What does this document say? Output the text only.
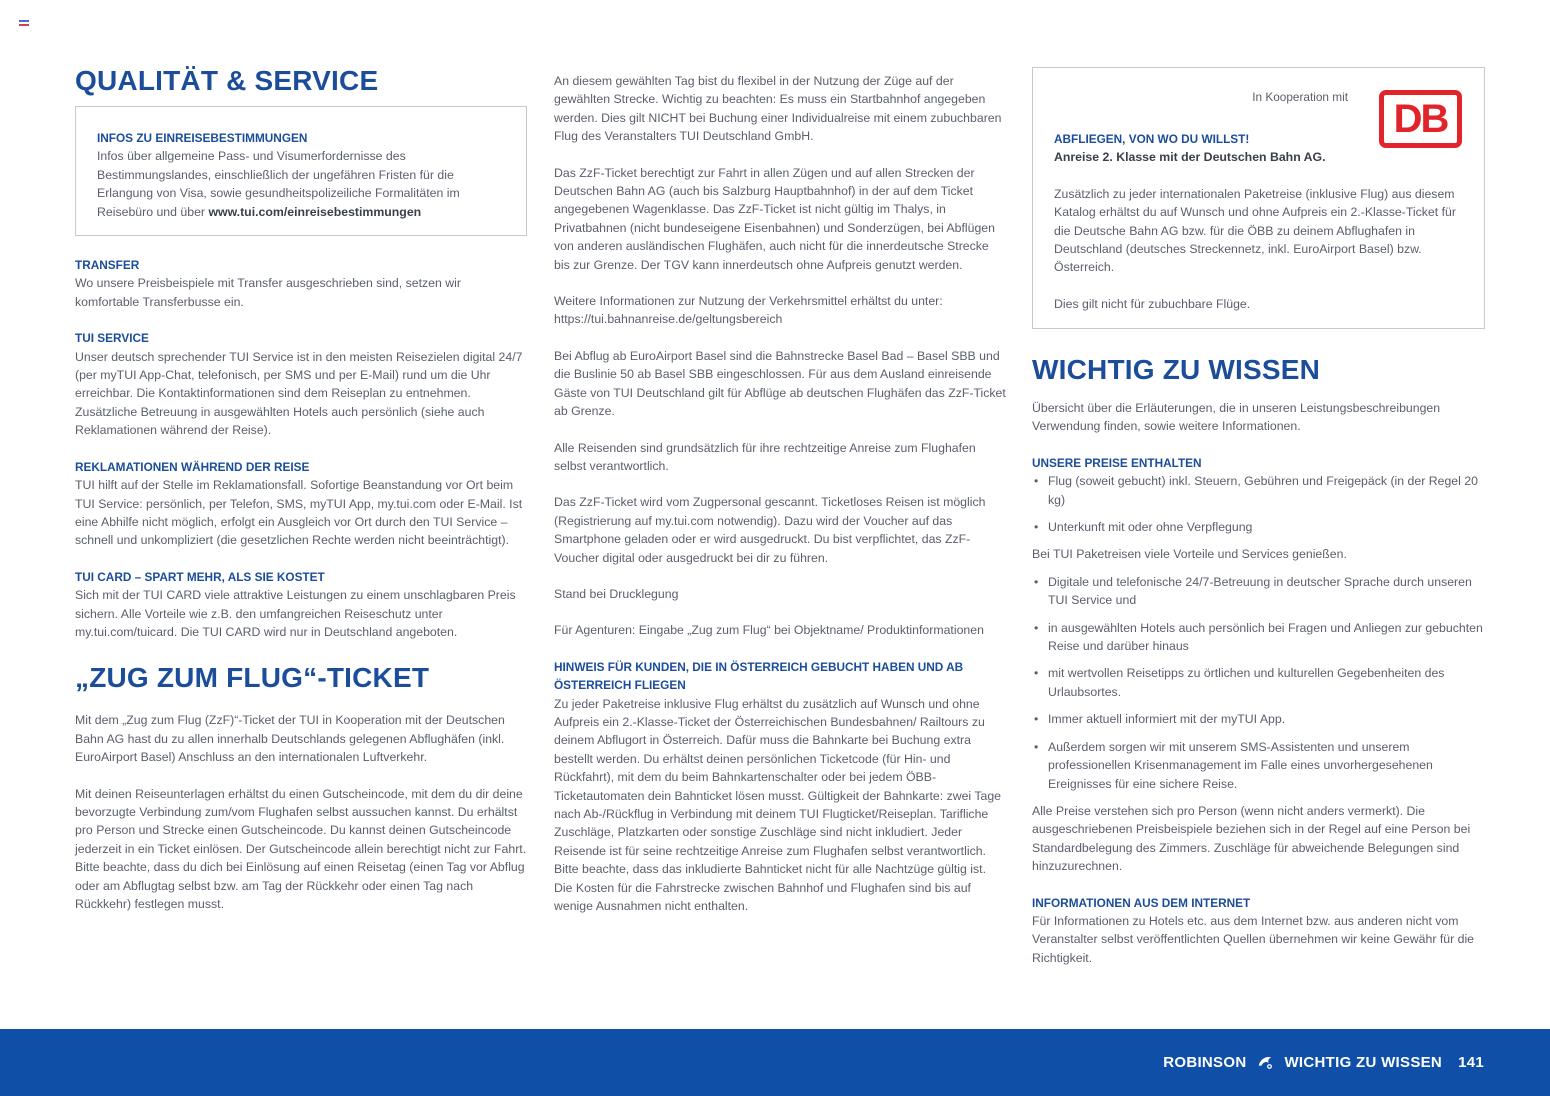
QUALITÄT & SERVICE
INFOS ZU EINREISEBESTIMMUNGEN

Infos über allgemeine Pass- und Visumerfordernisse des Bestimmungslandes, einschließlich der ungefähren Fristen für die Erlangung von Visa, sowie gesundheitspolizeiliche Formalitäten im Reisebüro und über www.tui.com/einreisebestimmungen

TRANSFER

Wo unsere Preisbeispiele mit Transfer ausgeschrieben sind, setzen wir komfortable Transferbusse ein.

TUI SERVICE

Unser deutsch sprechender TUI Service ist in den meisten Reisezielen digital 24/7 (per myTUI App-Chat, telefonisch, per SMS und per E-Mail) rund um die Uhr erreichbar. Die Kontaktinformationen sind dem Reiseplan zu entnehmen. Zusätzliche Betreuung in ausgewählten Hotels auch persönlich (siehe auch Reklamationen während der Reise).

REKLAMATIONEN WÄHREND DER REISE

TUI hilft auf der Stelle im Reklamationsfall. Sofortige Beanstandung vor Ort beim TUI Service: persönlich, per Telefon, SMS, myTUI App, my.tui.com oder E-Mail. Ist eine Abhilfe nicht möglich, erfolgt ein Ausgleich vor Ort durch den TUI Service – schnell und unkompliziert (die gesetzlichen Rechte werden nicht beeinträchtigt).

TUI CARD – SPART MEHR, ALS SIE KOSTET

Sich mit der TUI CARD viele attraktive Leistungen zu einem unschlagbaren Preis sichern. Alle Vorteile wie z.B. den umfangreichen Reiseschutz unter my.tui.com/tuicard. Die TUI CARD wird nur in Deutschland angeboten.

„ZUG ZUM FLUG“-TICKET

Mit dem „Zug zum Flug (ZzF)“-Ticket der TUI in Kooperation mit der Deutschen Bahn AG hast du zu allen innerhalb Deutschlands gelegenen Abflughäfen (inkl. EuroAirport Basel) Anschluss an den internationalen Luftverkehr.

Mit deinen Reiseunterlagen erhältst du einen Gutscheincode, mit dem du dir deine bevorzugte Verbindung zum/vom Flughafen selbst aussuchen kannst. Du erhältst pro Person und Strecke einen Gutscheincode. Du kannst deinen Gutscheincode jederzeit in ein Ticket einlösen. Der Gutscheincode allein berechtigt nicht zur Fahrt. Bitte beachte, dass du dich bei Einlösung auf einen Reisetag (einen Tag vor Abflug oder am Abflugtag selbst bzw. am Tag der Rückkehr oder einen Tag nach Rückkehr) festlegen musst.

An diesem gewählten Tag bist du flexibel in der Nutzung der Züge auf der gewählten Strecke. Wichtig zu beachten: Es muss ein Startbahnhof angegeben werden. Dies gilt NICHT bei Buchung einer Individualreise mit einem zubuchbaren Flug des Veranstalters TUI Deutschland GmbH.

Das ZzF-Ticket berechtigt zur Fahrt in allen Zügen und auf allen Strecken der Deutschen Bahn AG (auch bis Salzburg Hauptbahnhof) in der auf dem Ticket angegebenen Wagenklasse. Das ZzF-Ticket ist nicht gültig im Thalys, in Privatbahnen (nicht bundeseigene Eisenbahnen) und Sonderzügen, bei Abflügen von anderen ausländischen Flughäfen, auch nicht für die innerdeutsche Strecke bis zur Grenze. Der TGV kann innerdeutsch ohne Aufpreis genutzt werden.

Weitere Informationen zur Nutzung der Verkehrsmittel erhältst du unter: https://tui.bahnanreise.de/geltungsbereich

Bei Abflug ab EuroAirport Basel sind die Bahnstrecke Basel Bad – Basel SBB und die Buslinie 50 ab Basel SBB eingeschlossen. Für aus dem Ausland einreisende Gäste von TUI Deutschland gilt für Abflüge ab deutschen Flughäfen das ZzF-Ticket ab Grenze.

Alle Reisenden sind grundsätzlich für ihre rechtzeitige Anreise zum Flughafen selbst verantwortlich.

Das ZzF-Ticket wird vom Zugpersonal gescannt. Ticketloses Reisen ist möglich (Registrierung auf my.tui.com notwendig). Dazu wird der Voucher auf das Smartphone geladen oder er wird ausgedruckt. Du bist verpflichtet, das ZzF-Voucher digital oder ausgedruckt bei dir zu führen.

Stand bei Drucklegung

Für Agenturen: Eingabe „Zug zum Flug“ bei Objektname/ Produktinformationen

HINWEIS FÜR KUNDEN, DIE IN ÖSTERREICH GEBUCHT HABEN UND AB ÖSTERREICH FLIEGEN

Zu jeder Paketreise inklusive Flug erhältst du zusätzlich auf Wunsch und ohne Aufpreis ein 2.-Klasse-Ticket der Österreichischen Bundesbahnen/ Railtours zu deinem Abflugort in Österreich. Dafür muss die Bahnkarte bei Buchung extra bestellt werden. Du erhältst deinen persönlichen Ticketcode (für Hin- und Rückfahrt), mit dem du beim Bahnkartenschalter oder bei jedem ÖBB-Ticketautomaten dein Bahnticket lösen musst. Gültigkeit der Bahnkarte: zwei Tage nach Ab-/Rückflug in Verbindung mit deinem TUI Flugticket/Reiseplan. Tarifliche Zuschläge, Platzkarten oder sonstige Zuschläge sind nicht inkludiert. Jeder Reisende ist für seine rechtzeitige Anreise zum Flughafen selbst verantwortlich. Bitte beachte, dass das inkludierte Bahnticket nicht für alle Nachtzüge gültig ist. Die Kosten für die Fahrstrecke zwischen Bahnhof und Flughafen sind bis auf wenige Ausnahmen nicht enthalten.

In Kooperation mit DB
ABFLIEGEN, VON WO DU WILLST!

Anreise 2. Klasse mit der Deutschen Bahn AG.

Zusätzlich zu jeder internationalen Paketreise (inklusive Flug) aus diesem Katalog erhältst du auf Wunsch und ohne Aufpreis ein 2.-Klasse-Ticket für die Deutsche Bahn AG bzw. für die ÖBB zu deinem Abflughafen in Deutschland (deutsches Streckennetz, inkl. EuroAirport Basel) bzw. Österreich.

Dies gilt nicht für zubuchbare Flüge.

WICHTIG ZU WISSEN

Übersicht über die Erläuterungen, die in unseren Leistungsbeschreibungen Verwendung finden, sowie weitere Informationen.

UNSERE PREISE ENTHALTEN
• Flug (soweit gebucht) inkl. Steuern, Gebühren und Freigepäck (in der Regel 20 kg)
• Unterkunft mit oder ohne Verpflegung

Bei TUI Paketreisen viele Vorteile und Services genießen.

• Digitale und telefonische 24/7-Betreuung in deutscher Sprache durch unseren TUI Service und
• in ausgewählten Hotels auch persönlich bei Fragen und Anliegen zur gebuchten Reise und darüber hinaus
• mit wertvollen Reisetipps zu örtlichen und kulturellen Gegebenheiten des Urlaubsortes.
• Immer aktuell informiert mit der myTUI App.
• Außerdem sorgen wir mit unserem SMS-Assistenten und unserem professionellen Krisenmanagement im Falle eines unvorhergesehenen Ereignisses für eine sichere Reise.

Alle Preise verstehen sich pro Person (wenn nicht anders vermerkt). Die ausgeschriebenen Preisbeispiele beziehen sich in der Regel auf eine Person bei Standardbelegung des Zimmers. Zuschläge für abweichende Belegungen sind hinzuzurechnen.

INFORMATIONEN AUS DEM INTERNET

Für Informationen zu Hotels etc. aus dem Internet bzw. aus anderen nicht vom Veranstalter selbst veröffentlichten Quellen übernehmen wir keine Gewähr für die Richtigkeit.

ROBINSON	WICHTIG ZU WISSEN 141
